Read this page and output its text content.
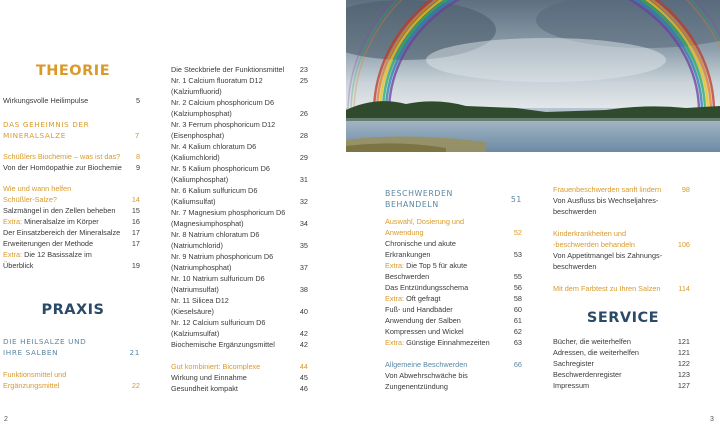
THEORIE
PRAXIS	SERVICE
Wirkungsvolle Heilimpulse	5
DAS GEHEIMNIS DER
MINERALSALZE	7
Schüßlers Biochemie – was ist das? 8
Von der Homöopathie zur Biochemie 9
Wie und wann helfen
Schüßler-Salze?	14
Salzmängel in den Zellen beheben 15
Extra: Mineralsalze im Körper	16
Der Einsatzbereich der Mineralsalze 17
Erweiterungen der Methode	17
Extra: Die 12 Basissalze im
Überblick	19
DIE HEILSALZE UND
IHRE SALBEN	21
Funktionsmittel und
Ergänzungsmittel	22
Die Steckbriefe der Funktionsmittel 23
Nr. 1 Calcium fluoratum D12
(Kalziumfluorid)
25
Nr. 2 Calcium phosphoricum D6
(Kalziumphosphat)	26
Nr. 3 Ferrum phosphoricum D12
(Eisenphosphat)	28
Nr. 4 Kalium chloratum D6
(Kaliumchlorid)	29
Nr. 5 Kalium phosphoricum D6
(Kaliumphosphat)	31
Nr. 6 Kalium sulfuricum D6
(Kaliumsulfat)	32
Nr. 7 Magnesium phosphoricum D6
(Magnesiumphosphat)	34
Nr. 8 Natrium chloratum D6
(Natriumchlorid)	35
Nr. 9 Natrium phosphoricum D6
(Natriumphosphat)	37
Nr. 10 Natrium sulfuricum D6
(Natriumsulfat)	38
Nr. 11 Silicea D12
(Kieselsäure)	40
Nr. 12 Calcium sulfuricum D6
(Kalziumsulfat)	42
Biochemische Ergänzungsmittel	42
Gut kombiniert: Bicomplexe	44
Wirkung und Einnahme	45
Gesundheit kompakt	46
BESCHWERDEN
BEHANDELN
51
Auswahl, Dosierung und
Anwendung	52
Chronische und akute
Erkrankungen	53
Extra: Die Top 5 für akute
Beschwerden	55
Das Entzündungsschema	56
Extra: Oft gefragt	58
Fuß- und Handbäder	60
Anwendung der Salben	61
Kompressen und Wickel	62
Extra: Günstige Einnahmezeiten	63
Allgemeine Beschwerden	66
Von Abwehrschwäche bis
Zungenentzündung
Frauenbeschwerden sanft lindern	98
Von Ausfluss bis Wechseljahres-
beschwerden
Kinderkrankheiten und
-beschwerden behandeln	106
Von Appetitmangel bis Zahnungs-
beschwerden
Mit dem Farbtest zu Ihren Salzen 114
Bücher, die weiterhelfen	121
Adressen, die weiterhelfen	121
Sachregister	122
Beschwerdenregister	123
Impressum	127
2	3
